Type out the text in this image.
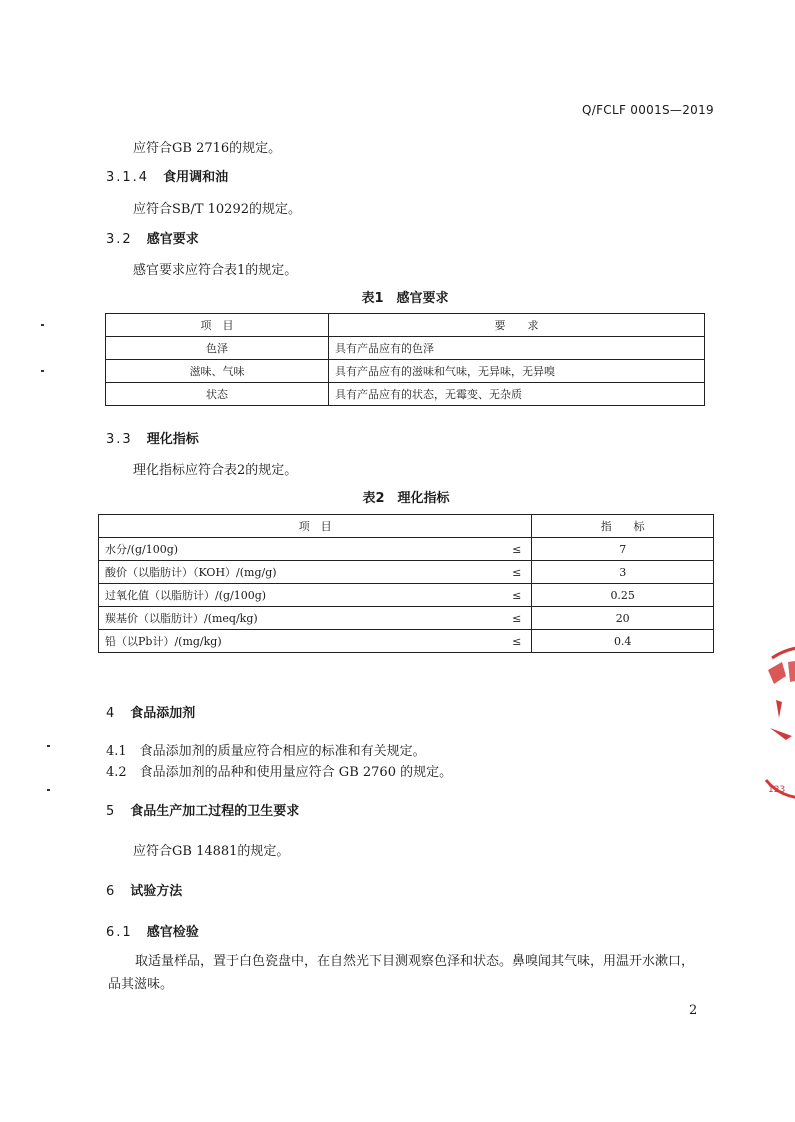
Q/FCLF 0001S—2019
应符合GB 2716的规定。
3.1.4 食用调和油
应符合SB/T 10292的规定。
3.2 感官要求
感官要求应符合表1的规定。
表1　感官要求
项　目	要　　求
色泽	具有产品应有的色泽
滋味、气味	具有产品应有的滋味和气味，无异味，无异嗅
状态	具有产品应有的状态，无霉变、无杂质
3.3 理化指标
理化指标应符合表2的规定。
表2　理化指标
项　目		指　　标
水分/(g/100g)	≤	7
酸价（以脂肪计）（KOH）/(mg/g)	≤	3
过氧化值（以脂肪计）/(g/100g)	≤	0.25
羰基价（以脂肪计）/(meq/kg)	≤	20
铅（以Pb计）/(mg/kg)	≤	0.4
4 食品添加剂
4.1　食品添加剂的质量应符合相应的标准和有关规定。
4.2　食品添加剂的品种和使用量应符合 GB 2760 的规定。
5 食品生产加工过程的卫生要求
应符合GB 14881的规定。
6 试验方法
6.1 感官检验
取适量样品，置于白色瓷盘中，在自然光下目测观察色泽和状态。鼻嗅闻其气味，用温开水漱口，
品其滋味。
2
123
